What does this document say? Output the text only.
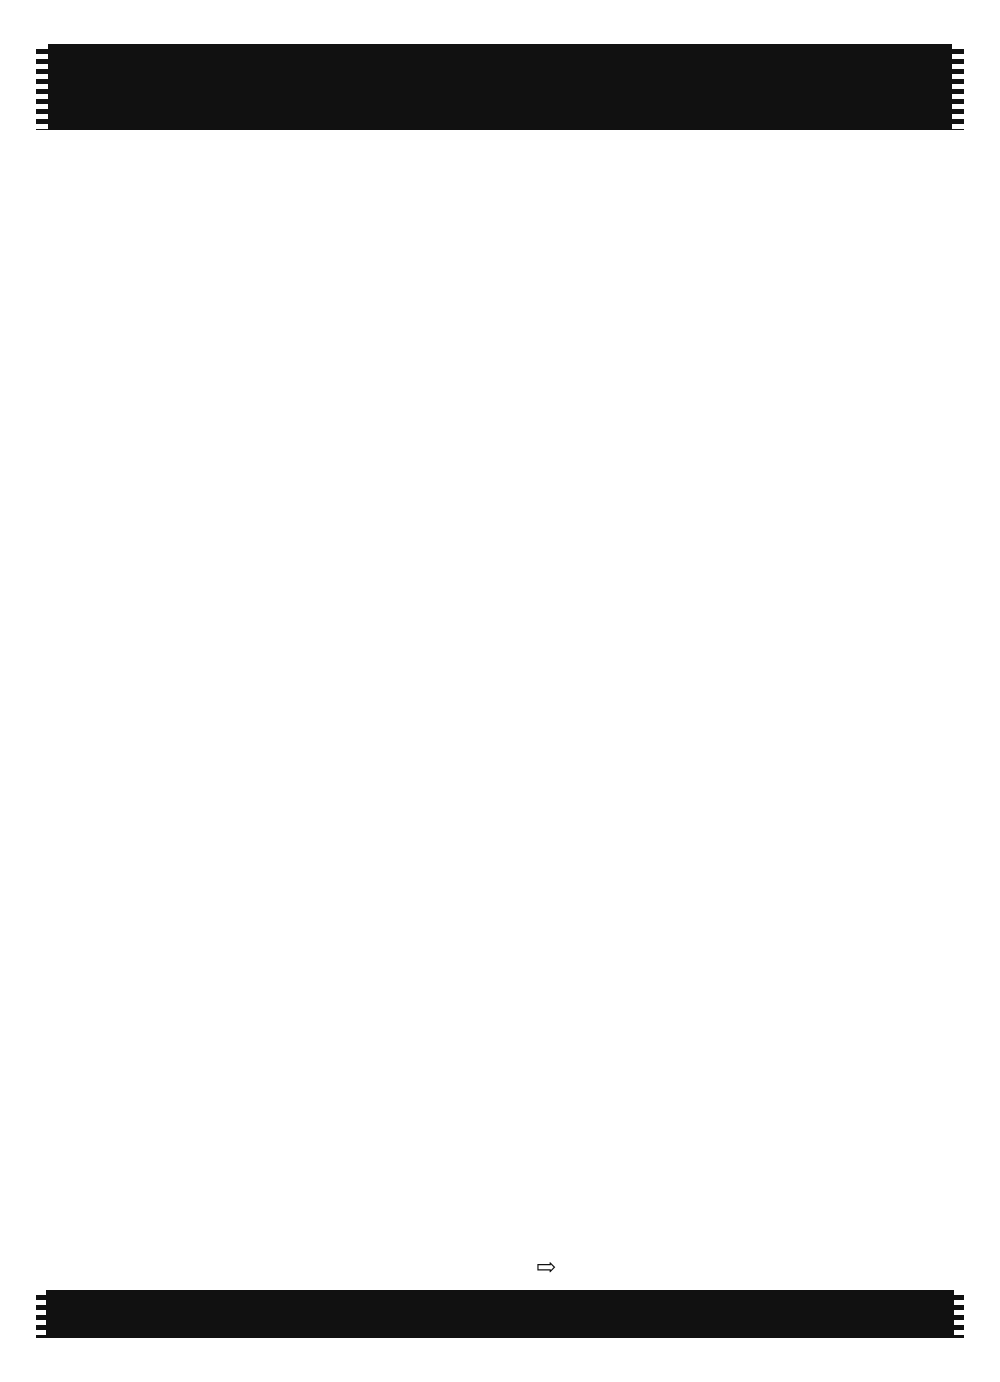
⇨
